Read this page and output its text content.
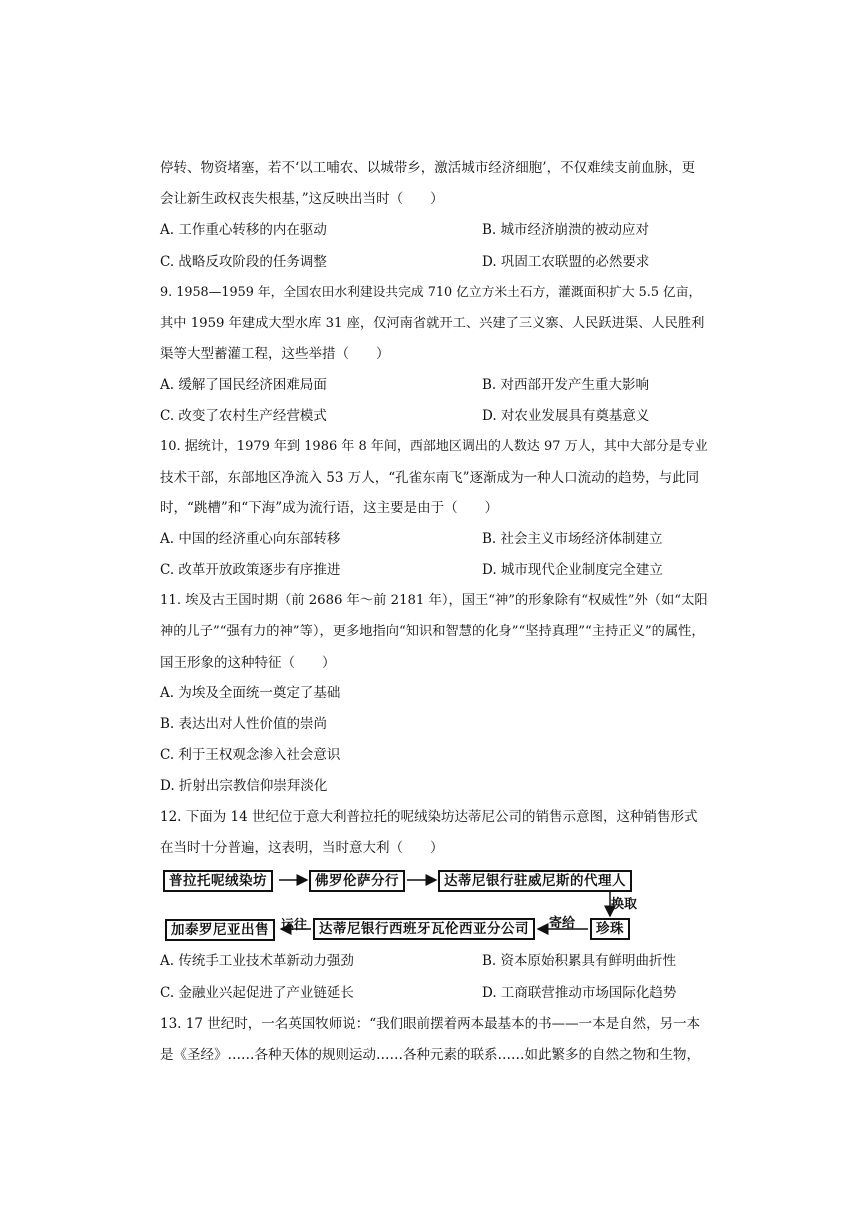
停转、物资堵塞，若不‘以工哺农、以城带乡，激活城市经济细胞’，不仅难续支前血脉，更
会让新生政权丧失根基，”这反映出当时（　　）
A. 工作重心转移的内在驱动	B. 城市经济崩溃的被动应对
C. 战略反攻阶段的任务调整	D. 巩固工农联盟的必然要求
9. 1958—1959 年，全国农田水利建设共完成 710 亿立方米土石方，灌溉面积扩大 5.5 亿亩，
其中 1959 年建成大型水库 31 座，仅河南省就开工、兴建了三义寨、人民跃进渠、人民胜利
渠等大型蓄灌工程，这些举措（　　）
A. 缓解了国民经济困难局面	B. 对西部开发产生重大影响
C. 改变了农村生产经营模式	D. 对农业发展具有奠基意义
10. 据统计，1979 年到 1986 年 8 年间，西部地区调出的人数达 97 万人，其中大部分是专业
技术干部，东部地区净流入 53 万人，“孔雀东南飞”逐渐成为一种人口流动的趋势，与此同
时，“跳槽”和“下海”成为流行语，这主要是由于（　　）
A. 中国的经济重心向东部转移	B. 社会主义市场经济体制建立
C. 改革开放政策逐步有序推进	D. 城市现代企业制度完全建立
11. 埃及古王国时期（前 2686 年～前 2181 年），国王“神”的形象除有“权威性”外（如“太阳
神的儿子”“强有力的神”等），更多地指向“知识和智慧的化身”“坚持真理”“主持正义”的属性，
国王形象的这种特征（　　）
A. 为埃及全面统一奠定了基础
B. 表达出对人性价值的崇尚
C. 利于王权观念渗入社会意识
D. 折射出宗教信仰崇拜淡化
12. 下面为 14 世纪位于意大利普拉托的呢绒染坊达蒂尼公司的销售示意图，这种销售形式
在当时十分普遍，这表明，当时意大利（　　）
普拉托呢绒染坊	佛罗伦萨分行	达蒂尼银行驻威尼斯的代理人
换取
珍珠
寄给
达蒂尼银行西班牙瓦伦西亚分公司
运往
加泰罗尼亚出售
A. 传统手工业技术革新动力强劲	B. 资本原始积累具有鲜明曲折性
C. 金融业兴起促进了产业链延长	D. 工商联营推动市场国际化趋势
13. 17 世纪时，一名英国牧师说：“我们眼前摆着两本最基本的书——一本是自然，另一本
是《圣经》……各种天体的规则运动……各种元素的联系……如此繁多的自然之物和生物，
